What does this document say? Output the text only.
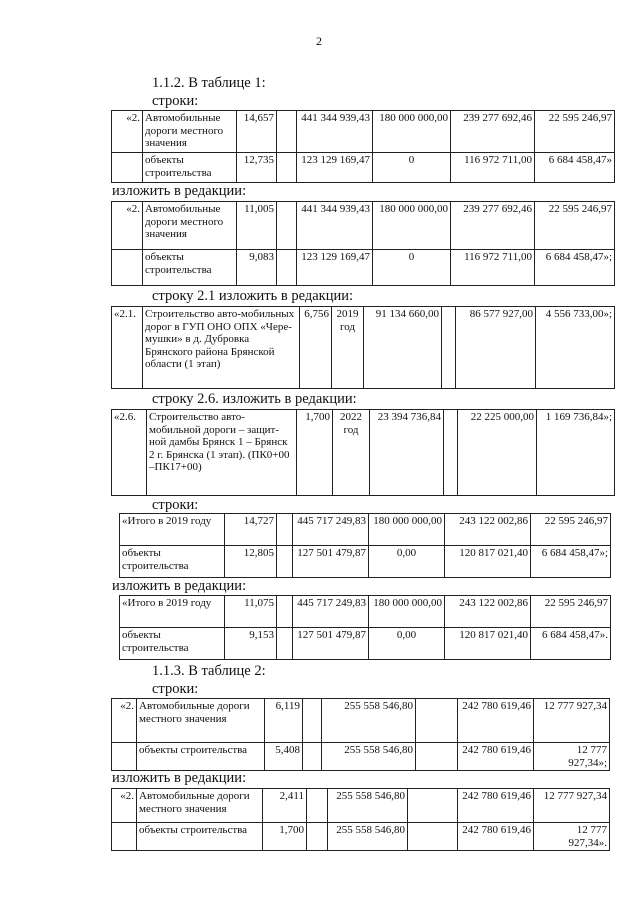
2
1.1.2. В таблице 1:
строки:
«2.	Автомобильные дороги местного значения	14,657		441 344 939,43	180 000 000,00	239 277 692,46	22 595 246,97
	объекты строительства	12,735		123 129 169,47	0	116 972 711,00	6 684 458,47»
изложить в редакции:
«2.	Автомобильные дороги местного значения	11,005		441 344 939,43	180 000 000,00	239 277 692,46	22 595 246,97
	объекты строительства	9,083		123 129 169,47	0	116 972 711,00	6 684 458,47»;
строку 2.1 изложить в редакции:
«2.1.	Строительство авто-мобильных дорог в ГУП ОНО ОПХ «Чере-мушки» в д. Дубровка Брянского района Брянской области (1 этап)	6,756	2019 год	91 134 660,00		86 577 927,00	4 556 733,00»;
строку 2.6. изложить в редакции:
«2.6.	Строительство авто-мобильной дороги – защит-ной дамбы Брянск 1 – Брянск 2 г. Брянска (1 этап). (ПК0+00 –ПК17+00)	1,700	2022 год	23 394 736,84		22 225 000,00	1 169 736,84»;
строки:
«Итого в 2019 году	14,727		445 717 249,83	180 000 000,00	243 122 002,86	22 595 246,97
объекты строительства	12,805		127 501 479,87	0,00	120 817 021,40	6 684 458,47»;
изложить в редакции:
«Итого в 2019 году	11,075		445 717 249,83	180 000 000,00	243 122 002,86	22 595 246,97
объекты строительства	9,153		127 501 479,87	0,00	120 817 021,40	6 684 458,47».
1.1.3. В таблице 2:
строки:
«2.	Автомобильные дороги местного значения	6,119		255 558 546,80		242 780 619,46	12 777 927,34
	объекты строительства	5,408		255 558 546,80		242 780 619,46	12 777 927,34»;
изложить в редакции:
«2.	Автомобильные дороги местного значения	2,411		255 558 546,80		242 780 619,46	12 777 927,34
	объекты строительства	1,700		255 558 546,80		242 780 619,46	12 777 927,34».
